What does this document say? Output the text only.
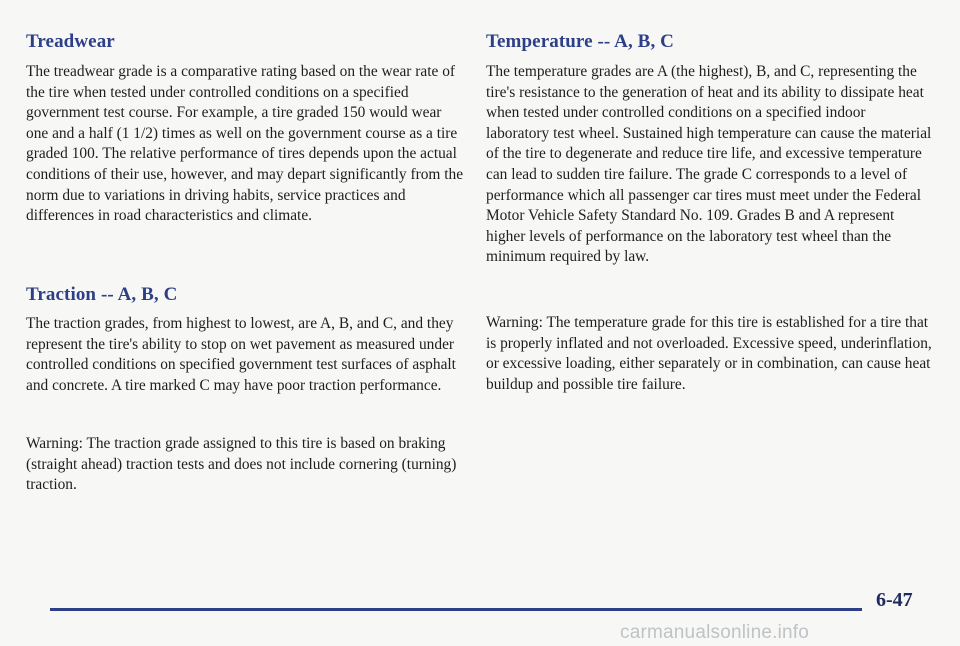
Treadwear

The treadwear grade is a comparative rating based on the wear rate of the tire when tested under controlled conditions on a specified government test course. For example, a tire graded 150 would wear one and a half (1 1/2) times as well on the government course as a tire graded 100. The relative performance of tires depends upon the actual conditions of their use, however, and may depart significantly from the norm due to variations in driving habits, service practices and differences in road characteristics and climate.

Traction -- A, B, C

The traction grades, from highest to lowest, are A, B, and C, and they represent the tire's ability to stop on wet pavement as measured under controlled conditions on specified government test surfaces of asphalt and concrete. A tire marked C may have poor traction performance.

Warning: The traction grade assigned to this tire is based on braking (straight ahead) traction tests and does not include cornering (turning) traction.

Temperature -- A, B, C

The temperature grades are A (the highest), B, and C, representing the tire's resistance to the generation of heat and its ability to dissipate heat when tested under controlled conditions on a specified indoor laboratory test wheel. Sustained high temperature can cause the material of the tire to degenerate and reduce tire life, and excessive temperature can lead to sudden tire failure. The grade C corresponds to a level of performance which all passenger car tires must meet under the Federal Motor Vehicle Safety Standard No. 109. Grades B and A represent higher levels of performance on the laboratory test wheel than the minimum required by law.

Warning: The temperature grade for this tire is established for a tire that is properly inflated and not overloaded. Excessive speed, underinflation, or excessive loading, either separately or in combination, can cause heat buildup and possible tire failure.

6-47
carmanualsonline.info
